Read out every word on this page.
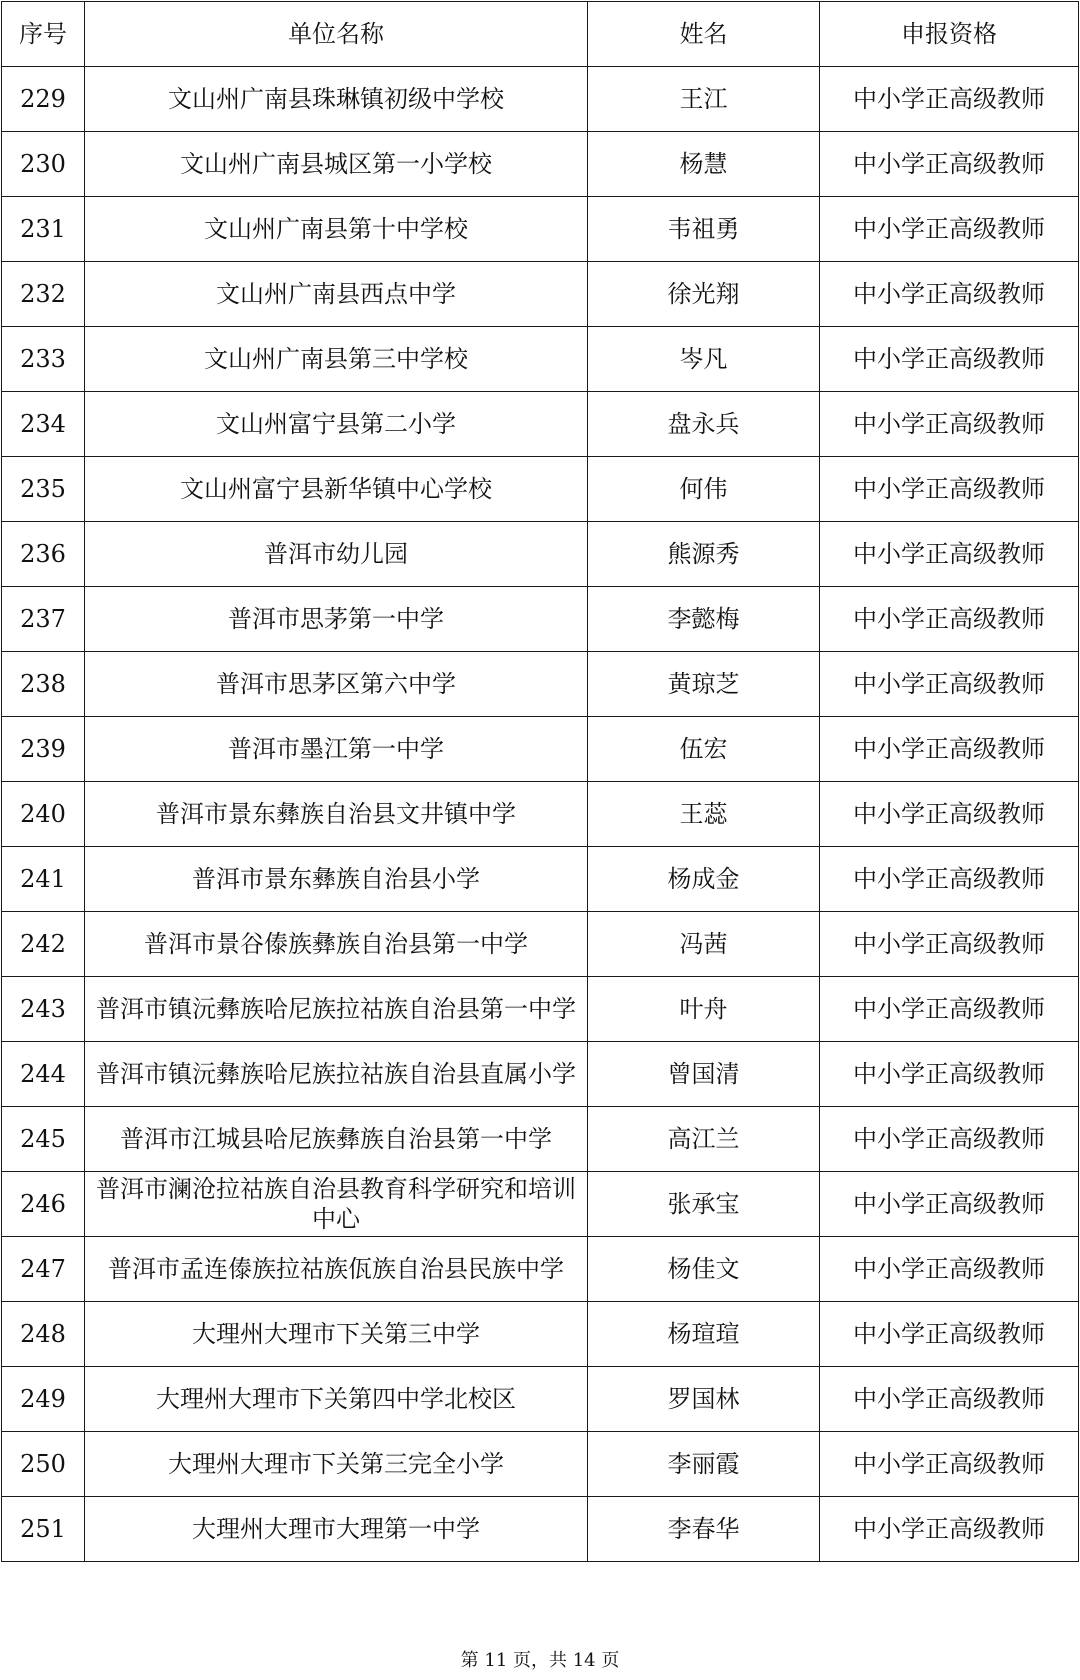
序号	单位名称	姓名	申报资格
229	文山州广南县珠琳镇初级中学校	王江	中小学正高级教师
230	文山州广南县城区第一小学校	杨慧	中小学正高级教师
231	文山州广南县第十中学校	韦祖勇	中小学正高级教师
232	文山州广南县西点中学	徐光翔	中小学正高级教师
233	文山州广南县第三中学校	岑凡	中小学正高级教师
234	文山州富宁县第二小学	盘永兵	中小学正高级教师
235	文山州富宁县新华镇中心学校	何伟	中小学正高级教师
236	普洱市幼儿园	熊源秀	中小学正高级教师
237	普洱市思茅第一中学	李懿梅	中小学正高级教师
238	普洱市思茅区第六中学	黄琼芝	中小学正高级教师
239	普洱市墨江第一中学	伍宏	中小学正高级教师
240	普洱市景东彝族自治县文井镇中学	王蕊	中小学正高级教师
241	普洱市景东彝族自治县小学	杨成金	中小学正高级教师
242	普洱市景谷傣族彝族自治县第一中学	冯茜	中小学正高级教师
243	普洱市镇沅彝族哈尼族拉祜族自治县第一中学	叶舟	中小学正高级教师
244	普洱市镇沅彝族哈尼族拉祜族自治县直属小学	曾国清	中小学正高级教师
245	普洱市江城县哈尼族彝族自治县第一中学	高江兰	中小学正高级教师
246	普洱市澜沧拉祜族自治县教育科学研究和培训中心	张承宝	中小学正高级教师
247	普洱市孟连傣族拉祜族佤族自治县民族中学	杨佳文	中小学正高级教师
248	大理州大理市下关第三中学	杨瑄瑄	中小学正高级教师
249	大理州大理市下关第四中学北校区	罗国林	中小学正高级教师
250	大理州大理市下关第三完全小学	李丽霞	中小学正高级教师
251	大理州大理市大理第一中学	李春华	中小学正高级教师
第 11 页，共 14 页
